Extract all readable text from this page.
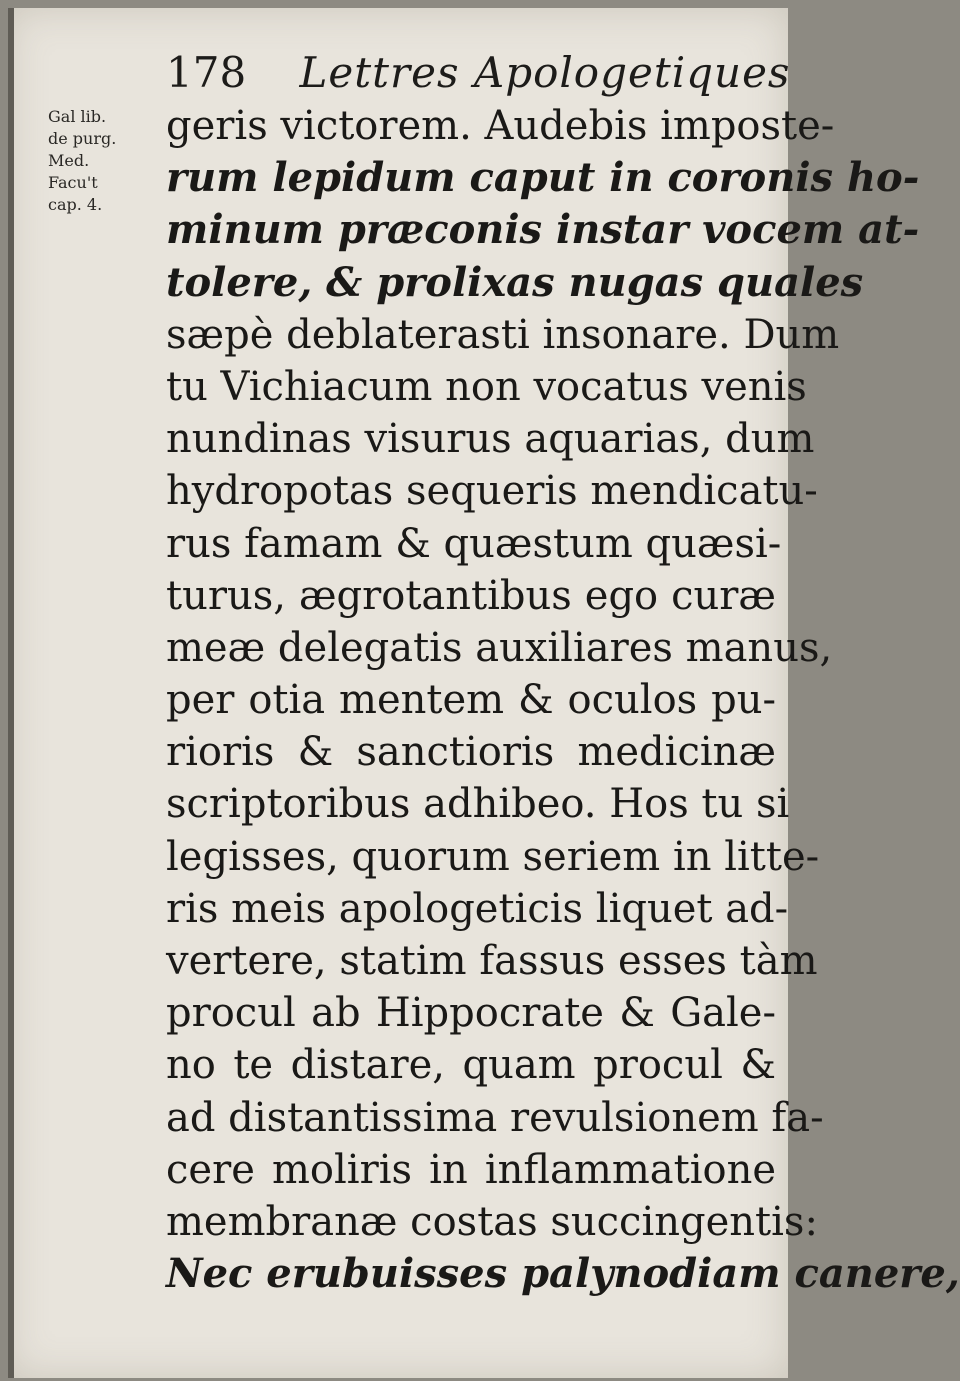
178 Lettres Apologetiques
Gal lib.
de purg.
Med.
Facu't
cap. 4.
geris victorem. Audebis imposte-
rum lepidum caput in coronis ho-
minum præconis instar vocem at-
tolere, & prolixas nugas quales
sæpè deblaterasti insonare. Dum
tu Vichiacum non vocatus venis
nundinas visurus aquarias, dum
hydropotas sequeris mendicatu-
rus famam & quæstum quæsi-
turus, ægrotantibus ego curæ
meæ delegatis auxiliares manus,
per otia mentem & oculos pu-
rioris & sanctioris medicinæ
scriptoribus adhibeo. Hos tu si
legisses, quorum seriem in litte-
ris meis apologeticis liquet ad-
vertere, statim fassus esses tàm
procul ab Hippocrate & Gale-
no te distare, quam procul &
ad distantissima revulsionem fa-
cere moliris in inflammatione
membranæ costas succingentis:
Nec erubuisses palynodiam canere,
